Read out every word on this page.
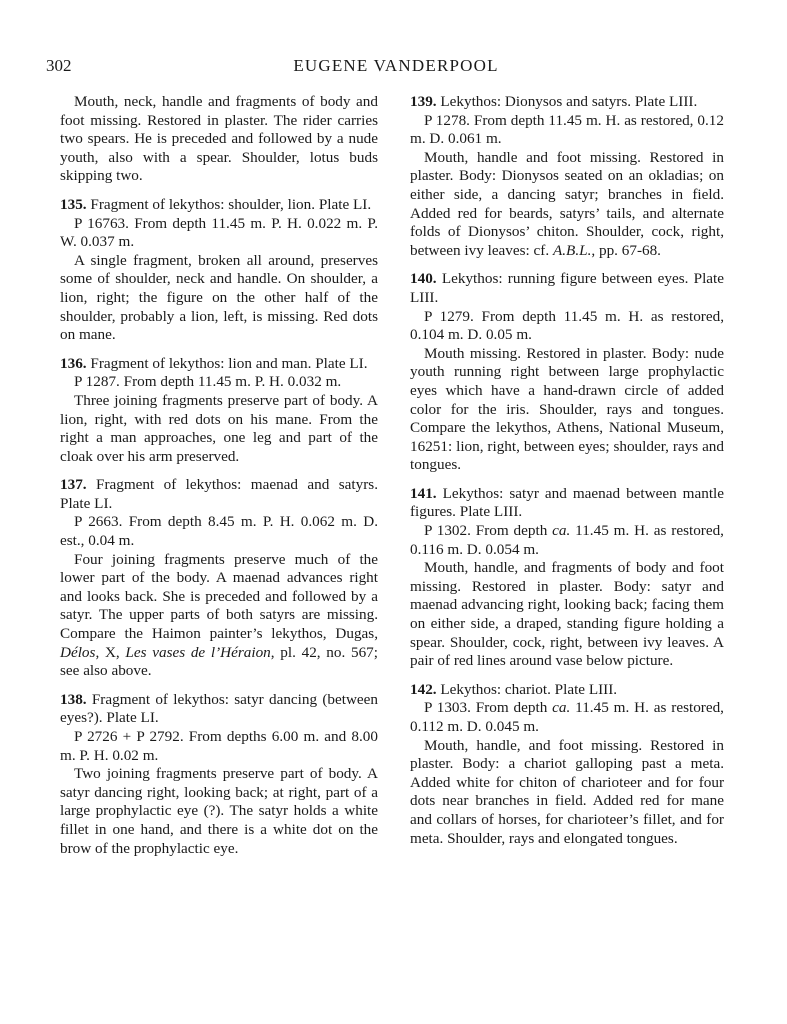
302	EUGENE VANDERPOOL

Mouth, neck, handle and fragments of body and foot missing. Restored in plaster. The rider carries two spears. He is preceded and followed by a nude youth, also with a spear. Shoulder, lotus buds skipping two.

135. Fragment of lekythos: shoulder, lion. Plate LI.

P 16763. From depth 11.45 m. P. H. 0.022 m. P. W. 0.037 m.

A single fragment, broken all around, preserves some of shoulder, neck and handle. On shoulder, a lion, right; the figure on the other half of the shoulder, probably a lion, left, is missing. Red dots on mane.

136. Fragment of lekythos: lion and man. Plate LI.

P 1287. From depth 11.45 m. P. H. 0.032 m.

Three joining fragments preserve part of body. A lion, right, with red dots on his mane. From the right a man approaches, one leg and part of the cloak over his arm preserved.

137. Fragment of lekythos: maenad and satyrs. Plate LI.

P 2663. From depth 8.45 m. P. H. 0.062 m. D. est., 0.04 m.

Four joining fragments preserve much of the lower part of the body. A maenad advances right and looks back. She is preceded and followed by a satyr. The upper parts of both satyrs are missing. Compare the Haimon painter’s lekythos, Dugas, Délos, X, Les vases de l’Héraion, pl. 42, no. 567; see also above.

138. Fragment of lekythos: satyr dancing (between eyes?). Plate LI.

P 2726 + P 2792. From depths 6.00 m. and 8.00 m. P. H. 0.02 m.

Two joining fragments preserve part of body. A satyr dancing right, looking back; at right, part of a large prophylactic eye (?). The satyr holds a white fillet in one hand, and there is a white dot on the brow of the prophylactic eye.

139. Lekythos: Dionysos and satyrs. Plate LIII.

P 1278. From depth 11.45 m. H. as restored, 0.12 m. D. 0.061 m.

Mouth, handle and foot missing. Restored in plaster. Body: Dionysos seated on an okladias; on either side, a dancing satyr; branches in field. Added red for beards, satyrs’ tails, and alternate folds of Dionysos’ chiton. Shoulder, cock, right, between ivy leaves: cf. A.B.L., pp. 67-68.

140. Lekythos: running figure between eyes. Plate LIII.

P 1279. From depth 11.45 m. H. as restored, 0.104 m. D. 0.05 m.

Mouth missing. Restored in plaster. Body: nude youth running right between large prophylactic eyes which have a hand-drawn circle of added color for the iris. Shoulder, rays and tongues. Compare the lekythos, Athens, National Museum, 16251: lion, right, between eyes; shoulder, rays and tongues.

141. Lekythos: satyr and maenad between mantle figures. Plate LIII.

P 1302. From depth ca. 11.45 m. H. as restored, 0.116 m. D. 0.054 m.

Mouth, handle, and fragments of body and foot missing. Restored in plaster. Body: satyr and maenad advancing right, looking back; facing them on either side, a draped, standing figure holding a spear. Shoulder, cock, right, between ivy leaves. A pair of red lines around vase below picture.

142. Lekythos: chariot. Plate LIII.

P 1303. From depth ca. 11.45 m. H. as restored, 0.112 m. D. 0.045 m.

Mouth, handle, and foot missing. Restored in plaster. Body: a chariot galloping past a meta. Added white for chiton of charioteer and for four dots near branches in field. Added red for mane and collars of horses, for charioteer’s fillet, and for meta. Shoulder, rays and elongated tongues.
